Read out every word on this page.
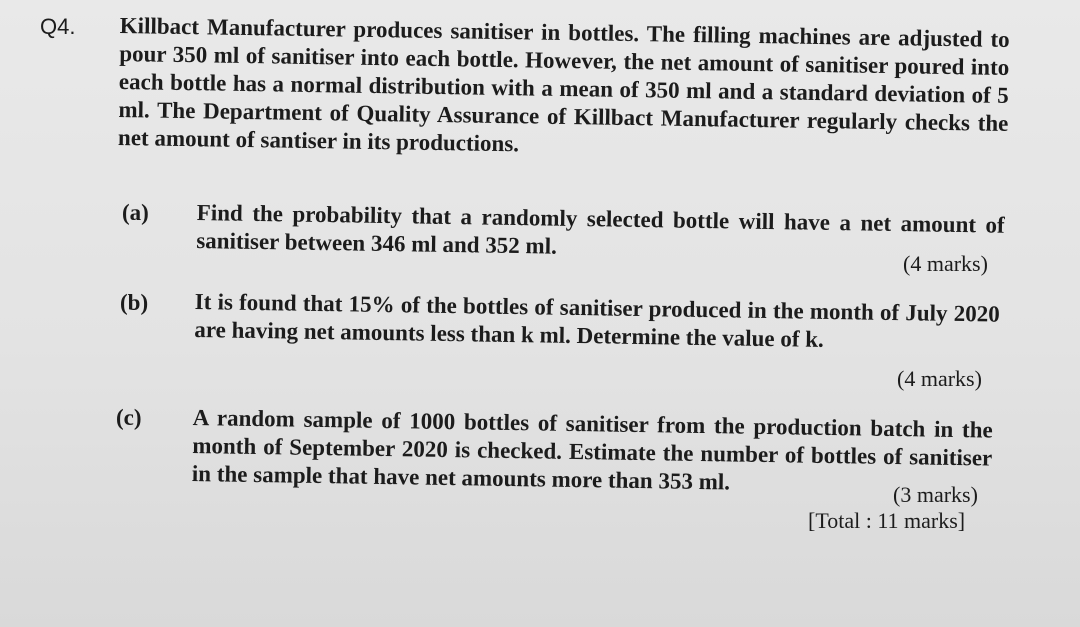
Q4. Killbact Manufacturer produces sanitiser in bottles. The filling machines are adjusted to pour 350 ml of sanitiser into each bottle. However, the net amount of sanitiser poured into each bottle has a normal distribution with a mean of 350 ml and a standard deviation of 5 ml. The Department of Quality Assurance of Killbact Manufacturer regularly checks the net amount of santiser in its productions.
(a) Find the probability that a randomly selected bottle will have a net amount of sanitiser between 346 ml and 352 ml.
(4 marks)
(b) It is found that 15% of the bottles of sanitiser produced in the month of July 2020 are having net amounts less than k ml. Determine the value of k.
(4 marks)
(c) A random sample of 1000 bottles of sanitiser from the production batch in the month of September 2020 is checked. Estimate the number of bottles of sanitiser in the sample that have net amounts more than 353 ml.
(3 marks)
[Total : 11 marks]
